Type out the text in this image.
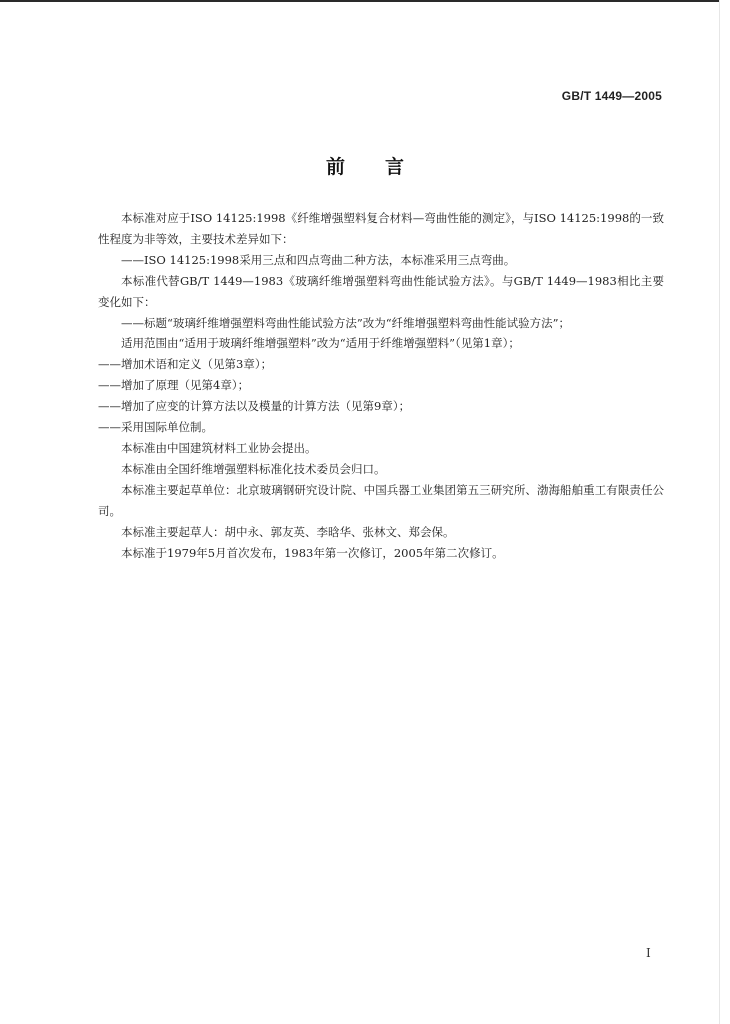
GB/T 1449—2005
前言

本标准对应于ISO 14125:1998《纤维增强塑料复合材料—弯曲性能的测定》，与ISO 14125:1998的一致性程度为非等效，主要技术差异如下：

——ISO 14125:1998采用三点和四点弯曲二种方法，本标准采用三点弯曲。

本标准代替GB/T 1449—1983《玻璃纤维增强塑料弯曲性能试验方法》。与GB/T 1449—1983相比主要变化如下：

——标题“玻璃纤维增强塑料弯曲性能试验方法”改为“纤维增强塑料弯曲性能试验方法”；

适用范围由“适用于玻璃纤维增强塑料”改为“适用于纤维增强塑料”（见第1章）；

——增加术语和定义（见第3章）；

——增加了原理（见第4章）；

——增加了应变的计算方法以及模量的计算方法（见第9章）；

——采用国际单位制。

本标准由中国建筑材料工业协会提出。

本标准由全国纤维增强塑料标准化技术委员会归口。

本标准主要起草单位：北京玻璃钢研究设计院、中国兵器工业集团第五三研究所、渤海船舶重工有限责任公司。

本标准主要起草人：胡中永、郭友英、李晗华、张林文、郑会保。

本标准于1979年5月首次发布，1983年第一次修订，2005年第二次修订。

I
